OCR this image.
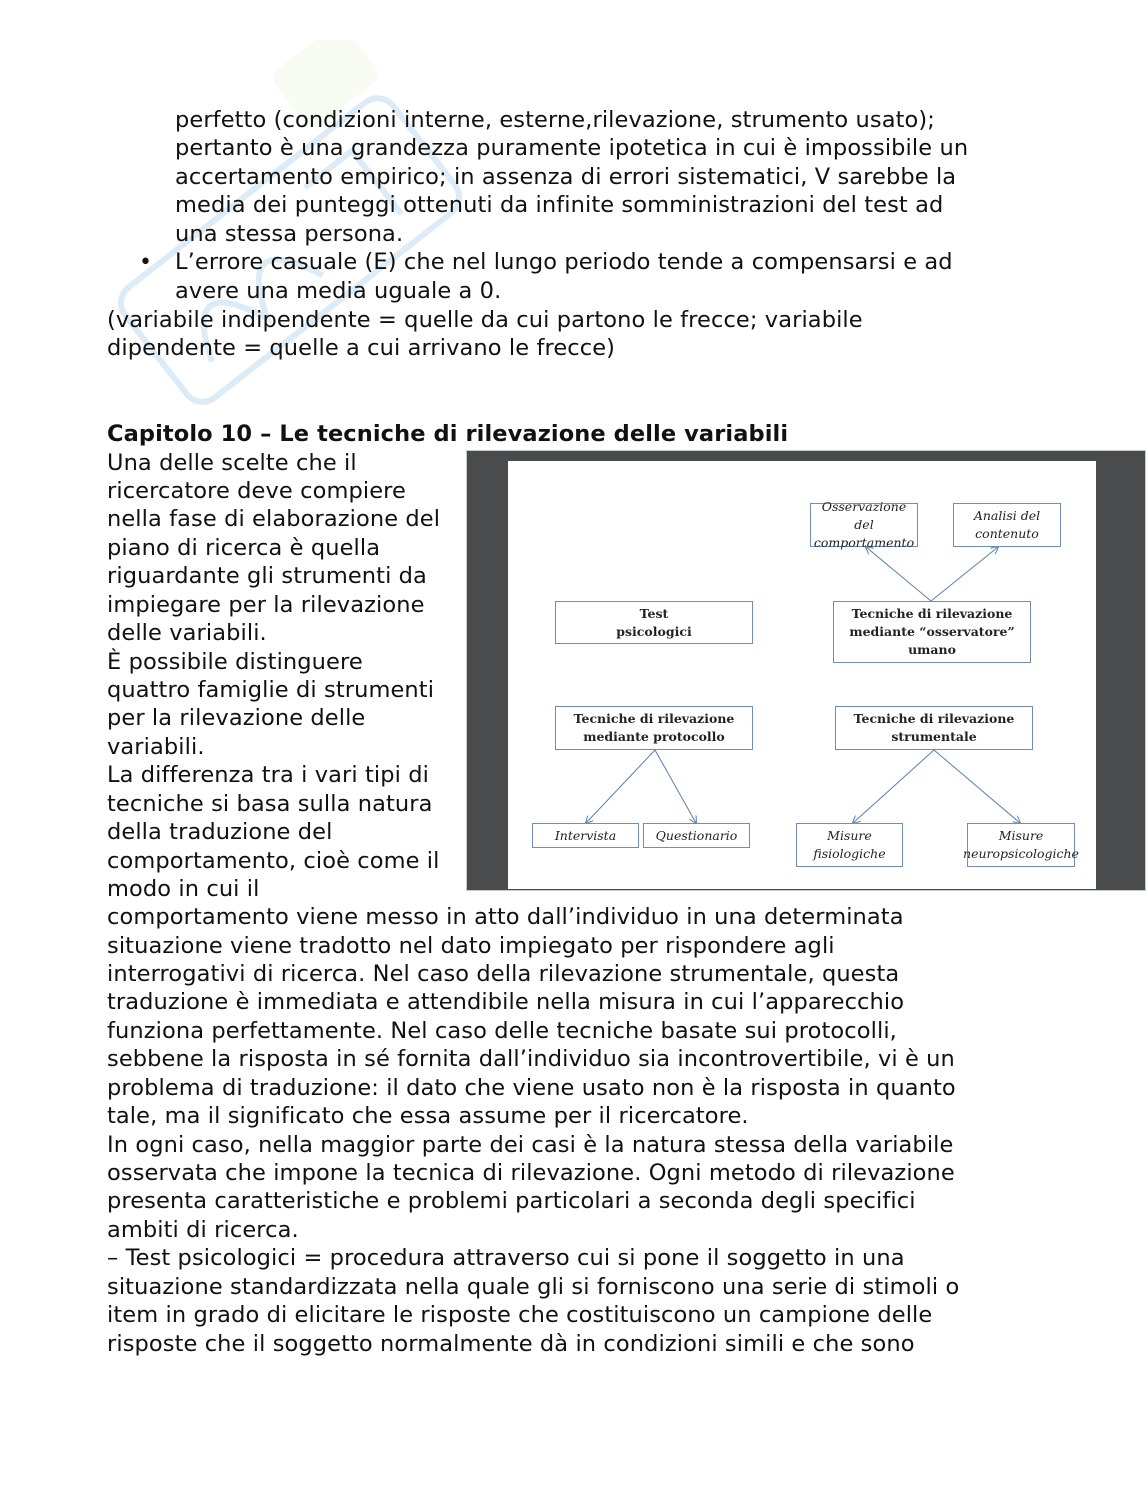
perfetto (condizioni interne, esterne,rilevazione, strumento usato);
pertanto è una grandezza puramente ipotetica in cui è impossibile un
accertamento empirico; in assenza di errori sistematici, V sarebbe la
media dei punteggi ottenuti da infinite somministrazioni del test ad
una stessa persona.
• L’errore casuale (E) che nel lungo periodo tende a compensarsi e ad
avere una media uguale a 0.
(variabile indipendente = quelle da cui partono le frecce; variabile
dipendente = quelle a cui arrivano le frecce)
Capitolo 10 – Le tecniche di rilevazione delle variabili
Una delle scelte che il
ricercatore deve compiere
nella fase di elaborazione del
piano di ricerca è quella
riguardante gli strumenti da
impiegare per la rilevazione
delle variabili.
È possibile distinguere
quattro famiglie di strumenti
per la rilevazione delle
variabili.
La differenza tra i vari tipi di
tecniche si basa sulla natura
della traduzione del
comportamento, cioè come il
modo in cui il
comportamento viene messo in atto dall’individuo in una determinata
situazione viene tradotto nel dato impiegato per rispondere agli
interrogativi di ricerca. Nel caso della rilevazione strumentale, questa
traduzione è immediata e attendibile nella misura in cui l’apparecchio
funziona perfettamente. Nel caso delle tecniche basate sui protocolli,
sebbene la risposta in sé fornita dall’individuo sia incontrovertibile, vi è un
problema di traduzione: il dato che viene usato non è la risposta in quanto
tale, ma il significato che essa assume per il ricercatore.
In ogni caso, nella maggior parte dei casi è la natura stessa della variabile
osservata che impone la tecnica di rilevazione. Ogni metodo di rilevazione
presenta caratteristiche e problemi particolari a seconda degli specifici
ambiti di ricerca.
– Test psicologici = procedura attraverso cui si pone il soggetto in una
situazione standardizzata nella quale gli si forniscono una serie di stimoli o
item in grado di elicitare le risposte che costituiscono un campione delle
risposte che il soggetto normalmente dà in condizioni simili e che sono
Osservazione del
comportamento
Analisi del
contenuto
Test
psicologici
Tecniche di rilevazione
mediante “osservatore”
umano
Tecniche di rilevazione
mediante protocollo
Tecniche di rilevazione
strumentale
Intervista	Questionario	Misure
fisiologiche
Misure
neuropsicologiche
